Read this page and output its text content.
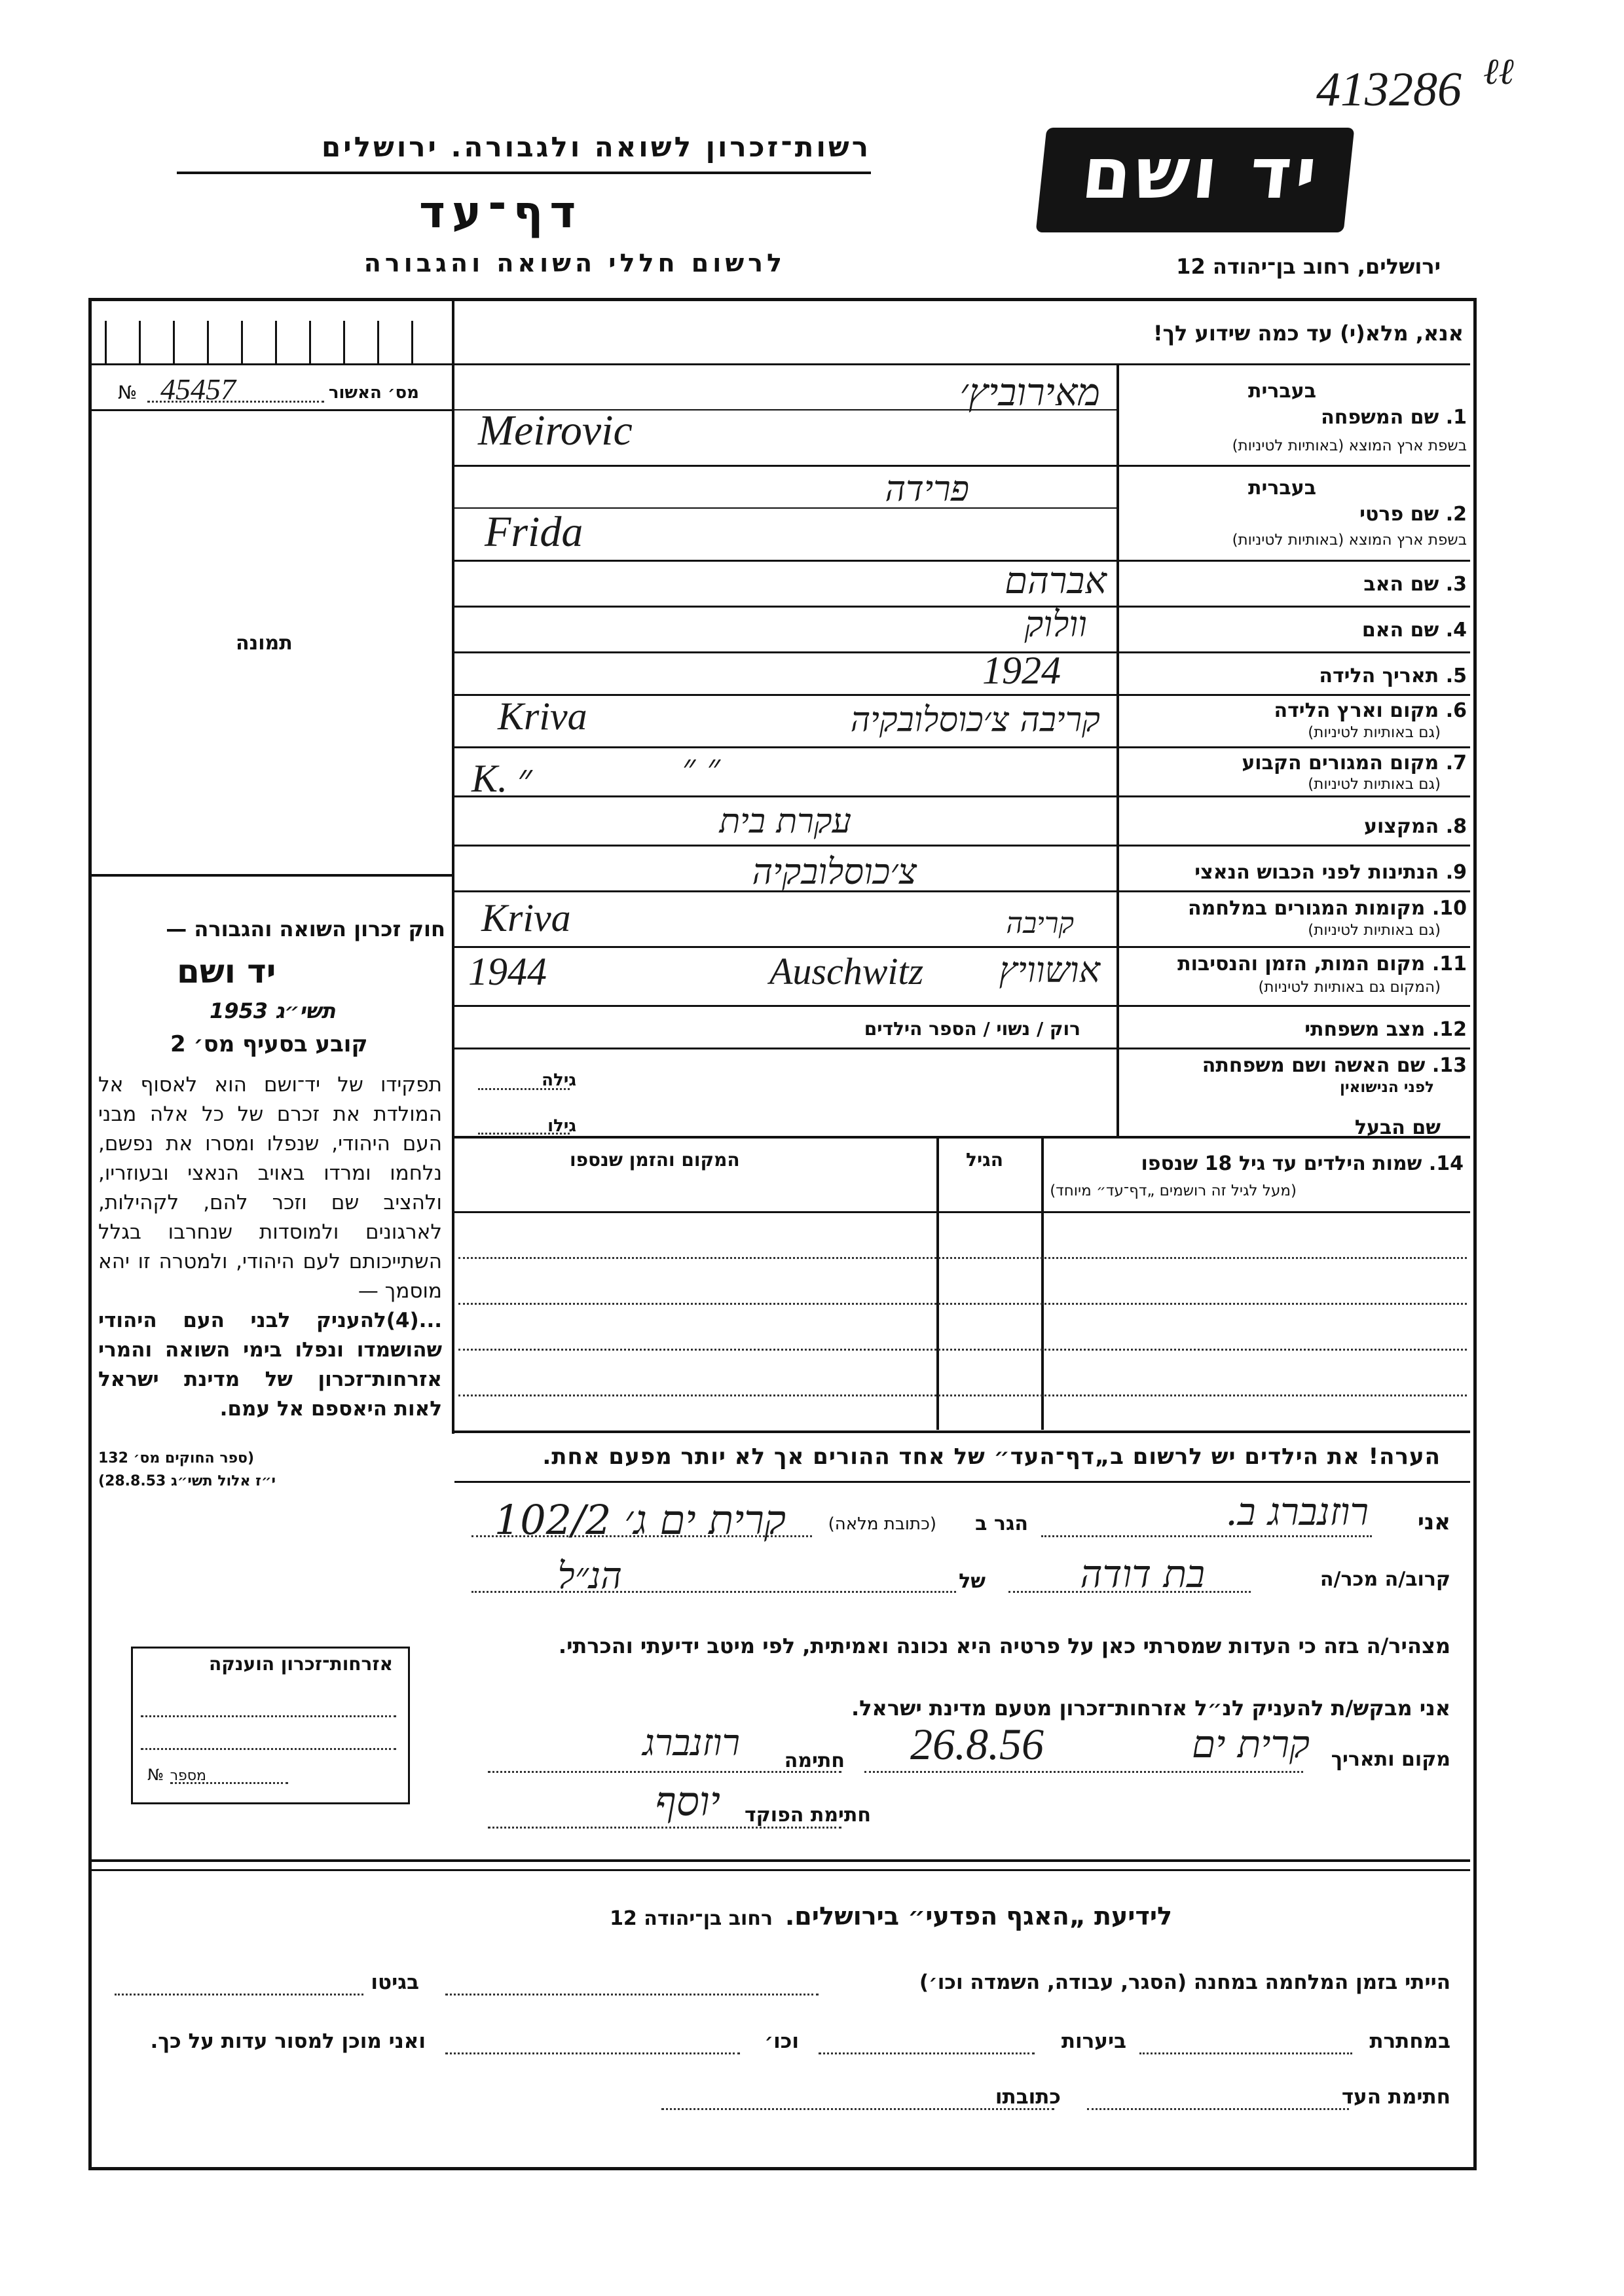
413286 ℓℓ
רשות־זכרון לשואה ולגבורה. ירושלים
דף־עד
לרשום חללי השואה והגבורה
יד ושם
ירושלים, רחוב בן־יהודה 12
אנא, מלא(י) עד כמה שידוע לך!
מס׳ האשור
№ 45457
תמונה
חוק זכרון השואה והגבורה —
יד ושם
תשי״ג 1953
קובע בסעיף מס׳ 2
תפקידו של יד־ושם הוא לאסוף אל המולדת את זכרם של כל אלה מבני העם היהודי, שנפלו ומסרו את נפשם, נלחמו ומרדו באויב הנאצי ובעוזריו, ולהציב שם וזכר להם, לקהילות, לארגונים ולמוסדות שנחרבו בגלל השתייכותם לעם היהודי, ולמטרה זו יהא מוסמך —
...(4)להעניק לבני העם היהודי שהושמדו ונפלו בימי השואה והמרי אזרחות־זכרון של מדינת ישראל לאות היאספם אל עמם.
(ספר החוקים מס׳ 132
י״ז אלול תשי״ג 28.8.53)
בעברית
1. שם המשפחה
בשפת ארץ המוצא (באותיות לטיניות)
בעברית
2. שם פרטי
בשפת ארץ המוצא (באותיות לטיניות)
3. שם האב
4. שם האם
5. תאריך הלידה
6. מקום וארץ הלידה
(גם באותיות לטיניות)
7. מקום המגורים הקבוע
(גם באותיות לטיניות)
8. המקצוע
9. הנתינות לפני הכבוש הנאצי
10. מקומות המגורים במלחמה
(גם באותיות לטיניות)
11. מקום המות, הזמן והנסיבות
(המקום גם באותיות לטיניות)
12. מצב משפחתי
13. שם האשה ושם משפחתה
לפני הנישואין
שם הבעל
מאירוביץ׳
Meirovic
פרידה
Frida
אברהם
וולוק
1924
קריבה צ׳כוסלובקיה
Kriva
״ ״
K. ״
עקרת בית
צ׳כוסלובקיה
קריבה
Kriva
1944	Auschwitz אושוויץ
רוק / נשוי / הספר הילדים
גילה
גילו
14. שמות הילדים עד גיל 18 שנספו
(מעל לגיל זה רושמים „דף־עד״ מיוחד)
הגיל
המקום והזמן שנספו
הערה! את הילדים יש לרשום ב„דף־העד״ של אחד ההורים אך לא יותר מפעם אחת.
אני
רוזנברג ב.
הגר ב
(כתובת מלאה)
קרית ים ג׳ 102/2
קרוב/ה מכר/ה
בת דודה
של
הנ״ל
מצהיר/ה בזה כי העדות שמסרתי כאן על פרטיה היא נכונה ואמיתית, לפי מיטב ידיעתי והכרתי.
אני מבקש/ת להעניק לנ״ל אזרחות־זכרון מטעם מדינת ישראל.
מקום ותאריך
קרית ים
26.8.56
חתימה
רוזנברג
חתימת הפוקד
יוסף
אזרחות־זכרון הוענקה
מספר
№
לידיעת „האגף הפדעי״ בירושלים.
רחוב בן־יהודה 12
הייתי בזמן המלחמה במחנה (הסגר, עבודה, השמדה וכו׳)
בגיטו
במחתרת
ביערות
וכו׳
ואני מוכן למסור עדות על כך.
חתימת העד
כתובתו
